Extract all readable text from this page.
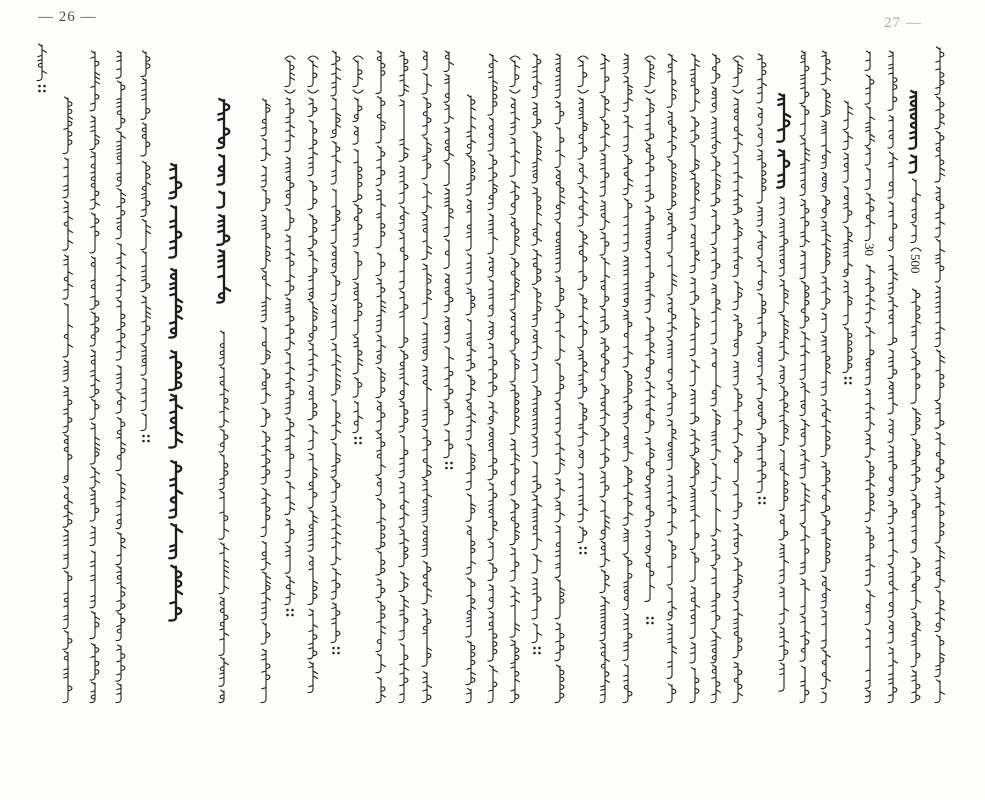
— 26 —	27 —
500
30
